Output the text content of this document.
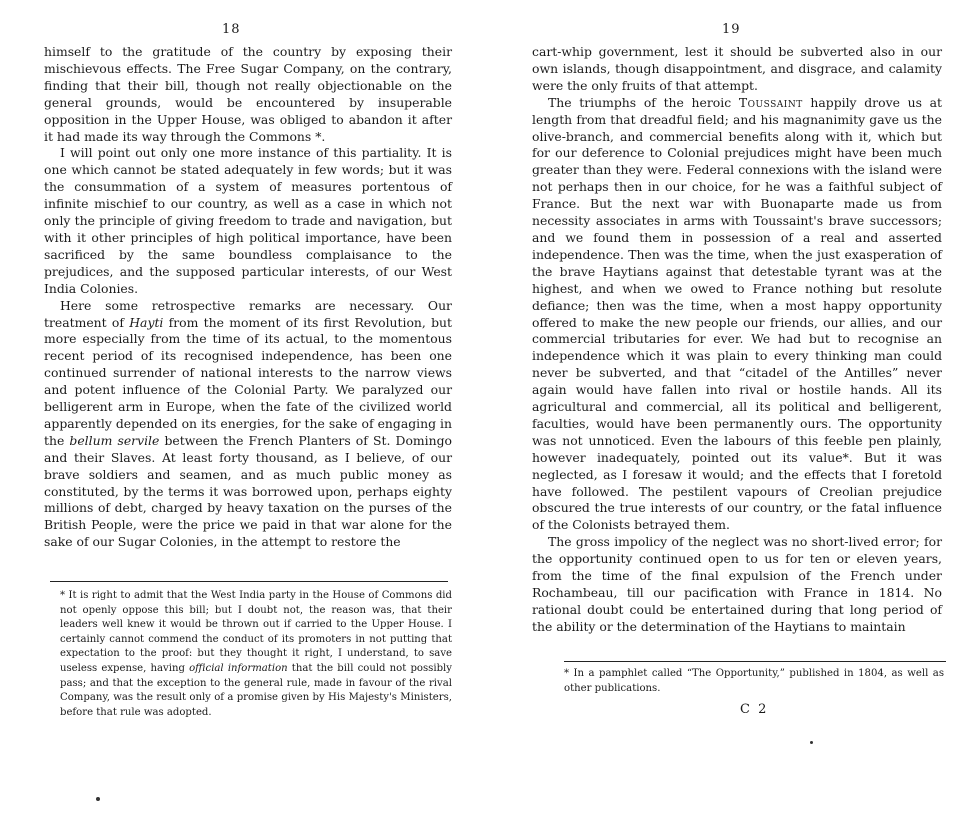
18

himself to the gratitude of the country by exposing their mischievous effects. The Free Sugar Company, on the contrary, finding that their bill, though not really objectionable on the general grounds, would be encountered by insuperable opposition in the Upper House, was obliged to abandon it after it had made its way through the Commons *.

I will point out only one more instance of this partiality. It is one which cannot be stated adequately in few words; but it was the consummation of a system of measures portentous of infinite mischief to our country, as well as a case in which not only the principle of giving freedom to trade and navigation, but with it other principles of high political importance, have been sacrificed by the same boundless complaisance to the prejudices, and the supposed particular interests, of our West India Colonies.

Here some retrospective remarks are necessary. Our treatment of Hayti from the moment of its first Revolution, but more especially from the time of its actual, to the momentous recent period of its recognised independence, has been one continued surrender of national interests to the narrow views and potent influence of the Colonial Party. We paralyzed our belligerent arm in Europe, when the fate of the civilized world apparently depended on its energies, for the sake of engaging in the bellum servile between the French Planters of St. Domingo and their Slaves. At least forty thousand, as I believe, of our brave soldiers and seamen, and as much public money as constituted, by the terms it was borrowed upon, perhaps eighty millions of debt, charged by heavy taxation on the purses of the British People, were the price we paid in that war alone for the sake of our Sugar Colonies, in the attempt to restore the

* It is right to admit that the West India party in the House of Commons did not openly oppose this bill; but I doubt not, the reason was, that their leaders well knew it would be thrown out if carried to the Upper House. I certainly cannot commend the conduct of its promoters in not putting that expectation to the proof: but they thought it right, I understand, to save useless expense, having official information that the bill could not possibly pass; and that the exception to the general rule, made in favour of the rival Company, was the result only of a promise given by His Majesty's Ministers, before that rule was adopted.
19

cart-whip government, lest it should be subverted also in our own islands, though disappointment, and disgrace, and calamity were the only fruits of that attempt.

The triumphs of the heroic Toussaint happily drove us at length from that dreadful field; and his magnanimity gave us the olive-branch, and commercial benefits along with it, which but for our deference to Colonial prejudices might have been much greater than they were. Federal connexions with the island were not perhaps then in our choice, for he was a faithful subject of France. But the next war with Buonaparte made us from necessity associates in arms with Toussaint's brave successors; and we found them in possession of a real and asserted independence. Then was the time, when the just exasperation of the brave Haytians against that detestable tyrant was at the highest, and when we owed to France nothing but resolute defiance; then was the time, when a most happy opportunity offered to make the new people our friends, our allies, and our commercial tributaries for ever. We had but to recognise an independence which it was plain to every thinking man could never be subverted, and that “citadel of the Antilles” never again would have fallen into rival or hostile hands. All its agricultural and commercial, all its political and belligerent, faculties, would have been permanently ours. The opportunity was not unnoticed. Even the labours of this feeble pen plainly, however inadequately, pointed out its value*. But it was neglected, as I foresaw it would; and the effects that I foretold have followed. The pestilent vapours of Creolian prejudice obscured the true interests of our country, or the fatal influence of the Colonists betrayed them.

The gross impolicy of the neglect was no short-lived error; for the opportunity continued open to us for ten or eleven years, from the time of the final expulsion of the French under Rochambeau, till our pacification with France in 1814. No rational doubt could be entertained during that long period of the ability or the determination of the Haytians to maintain

* In a pamphlet called “The Opportunity,” published in 1804, as well as other publications.
C 2
